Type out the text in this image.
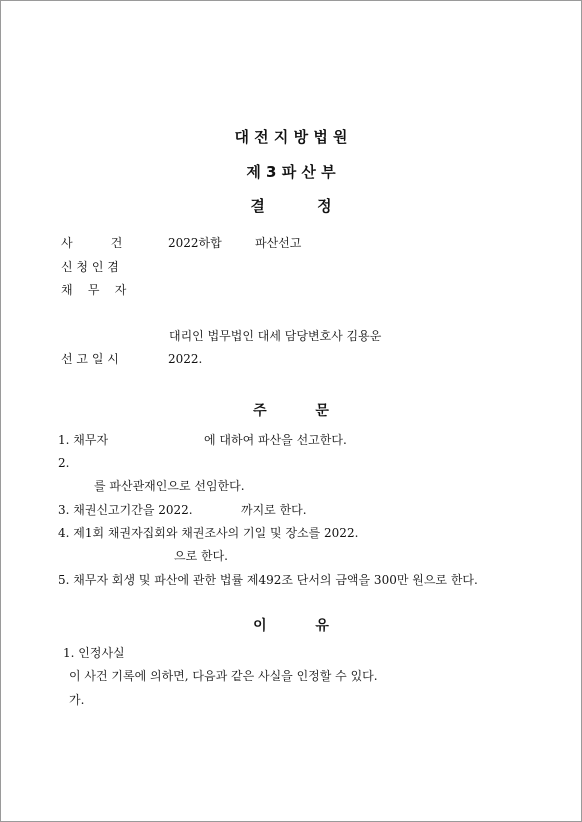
대 전 지 방 법 원
제 3 파 산 부
결          정
사          건	2022하합	파산선고
신 청 인 겸
채    무    자
대리인 법무법인 대세 담당변호사 김용운
선 고 일 시	2022.
주          문
1. 채무자	에 대하여 파산을 선고한다.
2.
를 파산관재인으로 선임한다.
3. 채권신고기간을 2022.	까지로 한다.
4. 제1회 채권자집회와 채권조사의 기일 및 장소를 2022.
으로 한다.
5. 채무자 회생 및 파산에 관한 법률 제492조 단서의 금액을 300만 원으로 한다.
이          유
1. 인정사실
이 사건 기록에 의하면, 다음과 같은 사실을 인정할 수 있다.
가.
